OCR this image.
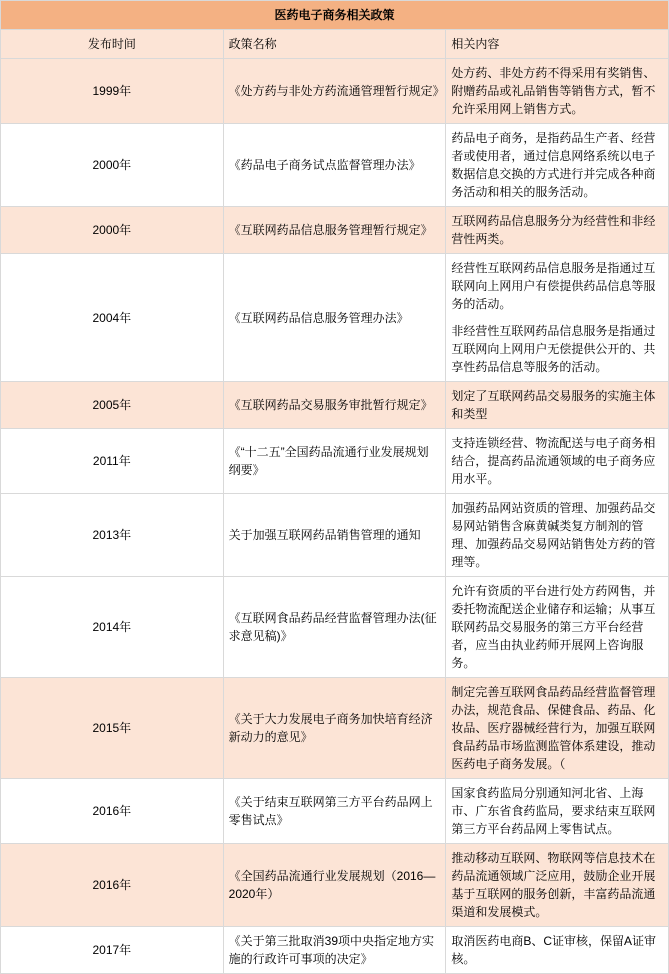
医药电子商务相关政策		
发布时间	政策名称	相关内容
1999年	《处方药与非处方药流通管理暂行规定》	处方药、非处方药不得采用有奖销售、附赠药品或礼品销售等销售方式，暂不允许采用网上销售方式。

2000年	《药品电子商务试点监督管理办法》	药品电子商务，是指药品生产者、经营者或使用者，通过信息网络系统以电子数据信息交换的方式进行并完成各种商务活动和相关的服务活动。

2000年	《互联网药品信息服务管理暂行规定》	互联网药品信息服务分为经营性和非经营性两类。

2004年	《互联网药品信息服务管理办法》	经营性互联网药品信息服务是指通过互联网向上网用户有偿提供药品信息等服务的活动。
非经营性互联网药品信息服务是指通过互联网向上网用户无偿提供公开的、共享性药品信息等服务的活动。

2005年	《互联网药品交易服务审批暂行规定》	划定了互联网药品交易服务的实施主体和类型

2011年	《“十二五”全国药品流通行业发展规划纲要》	支持连锁经营、物流配送与电子商务相结合，提高药品流通领域的电子商务应用水平。

2013年	关于加强互联网药品销售管理的通知	加强药品网站资质的管理、加强药品交易网站销售含麻黄碱类复方制剂的管理、加强药品交易网站销售处方药的管理等。

2014年	《互联网食品药品经营监督管理办法(征求意见稿)》	允许有资质的平台进行处方药网售，并委托物流配送企业储存和运输；从事互联网药品交易服务的第三方平台经营者，应当由执业药师开展网上咨询服务。

2015年	《关于大力发展电子商务加快培育经济新动力的意见》	制定完善互联网食品药品经营监督管理办法，规范食品、保健食品、药品、化妆品、医疗器械经营行为，加强互联网食品药品市场监测监管体系建设，推动医药电子商务发展。（

2016年	《关于结束互联网第三方平台药品网上零售试点》	国家食药监局分别通知河北省、上海市、广东省食药监局，要求结束互联网第三方平台药品网上零售试点。

2016年	《全国药品流通行业发展规划（2016—2020年）	推动移动互联网、物联网等信息技术在药品流通领域广泛应用，鼓励企业开展基于互联网的服务创新，丰富药品流通渠道和发展模式。

2017年	《关于第三批取消39项中央指定地方实施的行政许可事项的决定》	取消医药电商B、C证审核，保留A证审核。
